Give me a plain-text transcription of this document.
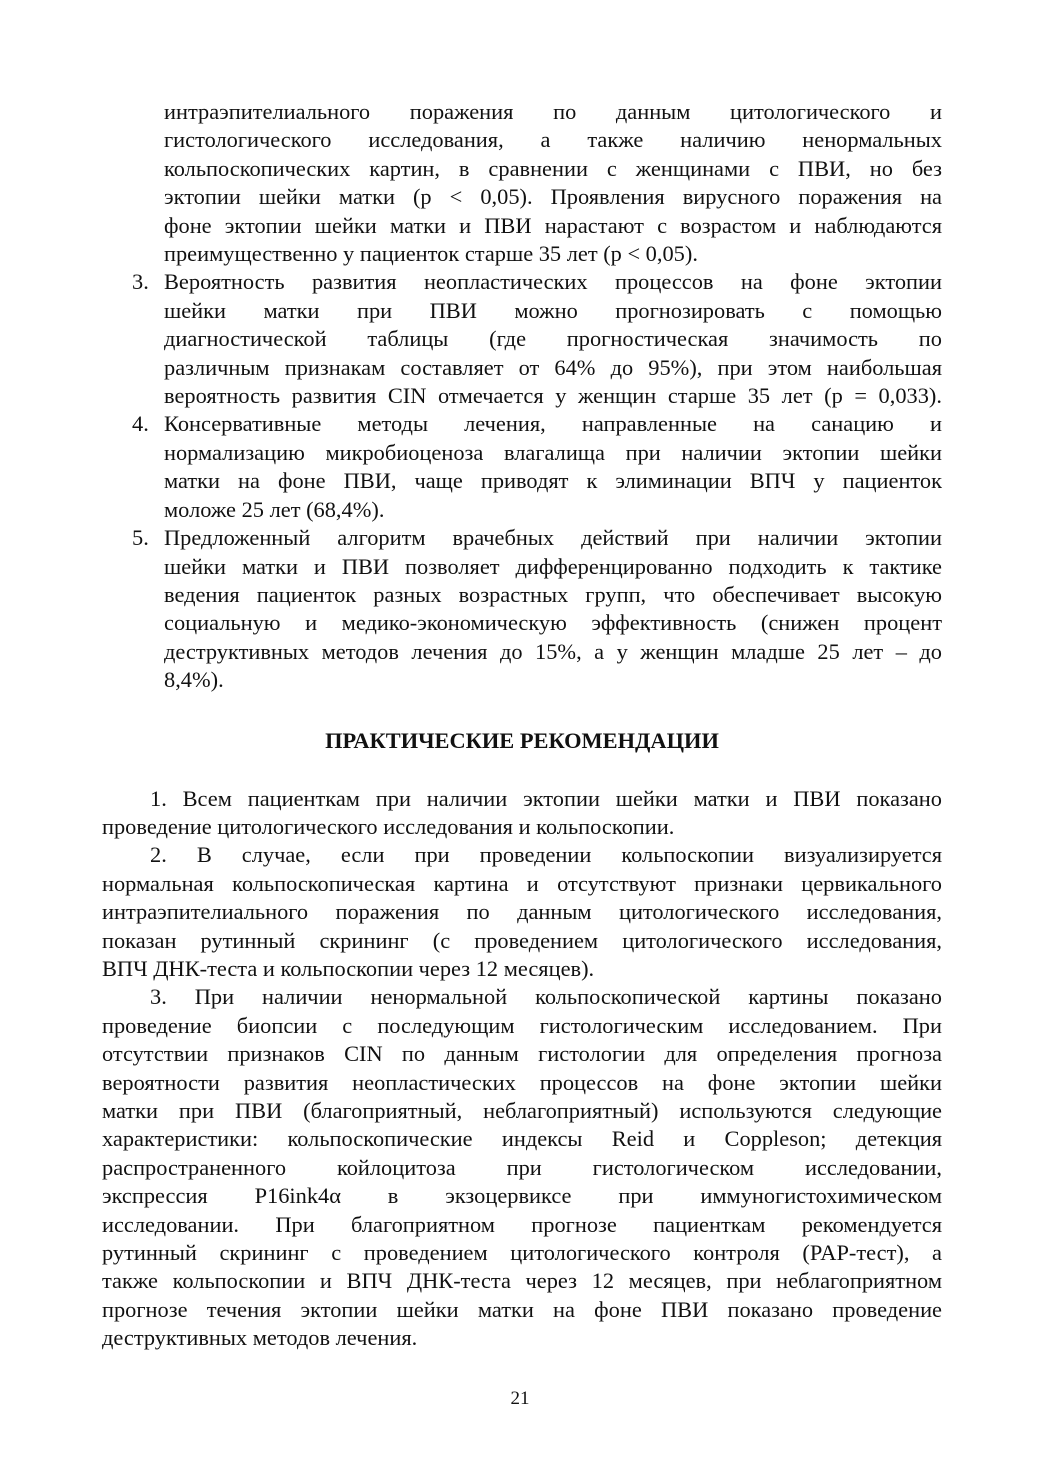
интраэпителиального поражения по данным цитологического и

гистологического исследования, а также наличию ненормальных

кольпоскопических картин, в сравнении с женщинами с ПВИ, но без

эктопии шейки матки (p < 0,05). Проявления вирусного поражения на

фоне эктопии шейки матки и ПВИ нарастают с возрастом и наблюдаются

преимущественно у пациенток старше 35 лет (p < 0,05).

3. Вероятность развития неопластических процессов на фоне эктопии

шейки матки при ПВИ можно прогнозировать с помощью

диагностической таблицы (где прогностическая значимость по

различным признакам составляет от 64% до 95%), при этом наибольшая

вероятность развития CIN отмечается у женщин старше 35 лет (p = 0,033).

4. Консервативные методы лечения, направленные на санацию и

нормализацию микробиоценоза влагалища при наличии эктопии шейки

матки на фоне ПВИ, чаще приводят к элиминации ВПЧ у пациенток

моложе 25 лет (68,4%).

5. Предложенный алгоритм врачебных действий при наличии эктопии

шейки матки и ПВИ позволяет дифференцированно подходить к тактике

ведения пациенток разных возрастных групп, что обеспечивает высокую

социальную и медико-экономическую эффективность (снижен процент

деструктивных методов лечения до 15%, а у женщин младше 25 лет – до

8,4%).

ПРАКТИЧЕСКИЕ РЕКОМЕНДАЦИИ

1. Всем пациенткам при наличии эктопии шейки матки и ПВИ показано

проведение цитологического исследования и кольпоскопии.

2. В случае, если при проведении кольпоскопии визуализируется

нормальная кольпоскопическая картина и отсутствуют признаки цервикального

интраэпителиального поражения по данным цитологического исследования,

показан рутинный скрининг (с проведением цитологического исследования,

ВПЧ ДНК-теста и кольпоскопии через 12 месяцев).

3. При наличии ненормальной кольпоскопической картины показано

проведение биопсии с последующим гистологическим исследованием. При

отсутствии признаков CIN по данным гистологии для определения прогноза

вероятности развития неопластических процессов на фоне эктопии шейки

матки при ПВИ (благоприятный, неблагоприятный) используются следующие

характеристики: кольпоскопические индексы Reid и Coppleson; детекция

распространенного койлоцитоза при гистологическом исследовании,

экспрессия P16ink4α в экзоцервиксе при иммуногистохимическом

исследовании. При благоприятном прогнозе пациенткам рекомендуется

рутинный скрининг с проведением цитологического контроля (PAP-тест), а

также кольпоскопии и ВПЧ ДНК-теста через 12 месяцев, при неблагоприятном

прогнозе течения эктопии шейки матки на фоне ПВИ показано проведение

деструктивных методов лечения.

21
